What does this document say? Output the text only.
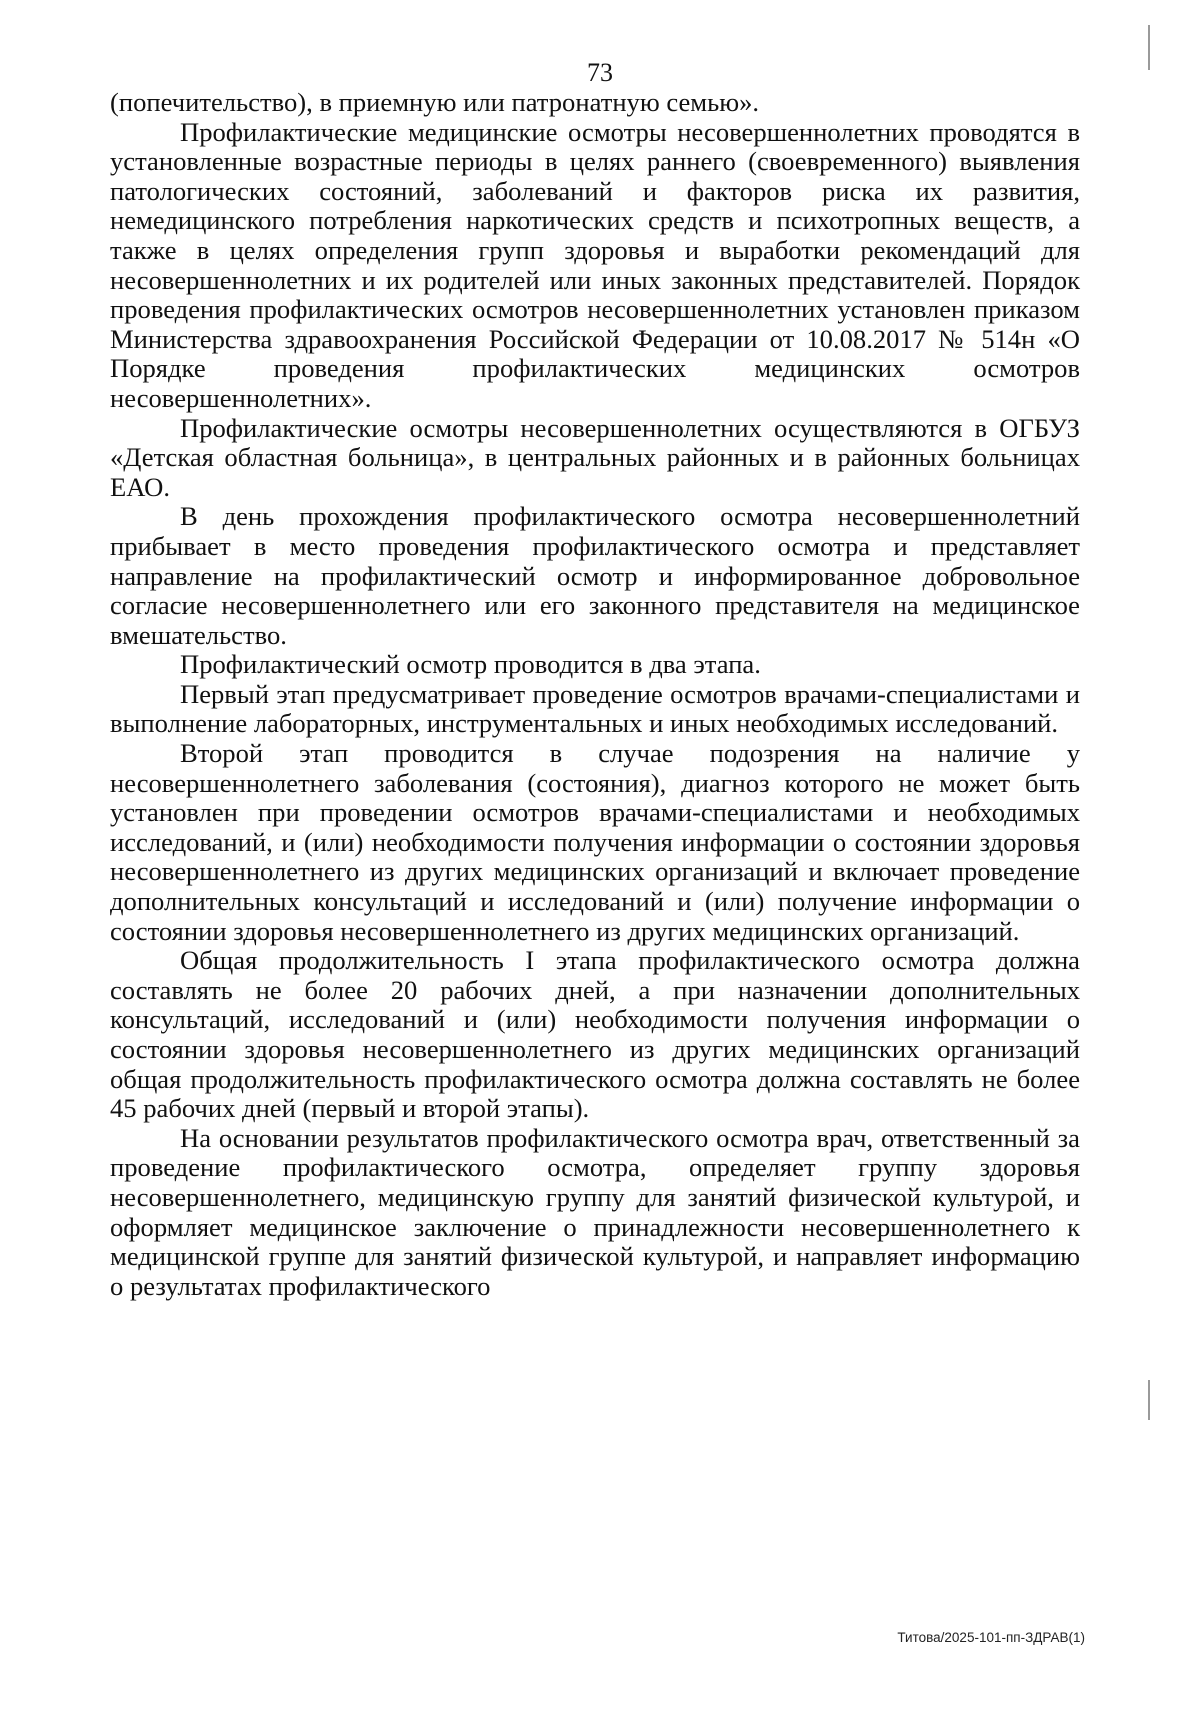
73

(попечительство), в приемную или патронатную семью».

Профилактические медицинские осмотры несовершеннолетних проводятся в установленные возрастные периоды в целях раннего (своевременного) выявления патологических состояний, заболеваний и факторов риска их развития, немедицинского потребления наркотических средств и психотропных веществ, а также в целях определения групп здоровья и выработки рекомендаций для несовершеннолетних и их родителей или иных законных представителей. Порядок проведения профилактических осмотров несовершеннолетних установлен приказом Министерства здравоохранения Российской Федерации от 10.08.2017 № 514н «О Порядке проведения профилактических медицинских осмотров несовершеннолетних».

Профилактические осмотры несовершеннолетних осуществляются в ОГБУЗ «Детская областная больница», в центральных районных и в районных больницах ЕАО.

В день прохождения профилактического осмотра несовершеннолетний прибывает в место проведения профилактического осмотра и представляет направление на профилактический осмотр и информированное добровольное согласие несовершеннолетнего или его законного представителя на медицинское вмешательство.

Профилактический осмотр проводится в два этапа.

Первый этап предусматривает проведение осмотров врачами-специалистами и выполнение лабораторных, инструментальных и иных необходимых исследований.

Второй этап проводится в случае подозрения на наличие у несовершеннолетнего заболевания (состояния), диагноз которого не может быть установлен при проведении осмотров врачами-специалистами и необходимых исследований, и (или) необходимости получения информации о состоянии здоровья несовершеннолетнего из других медицинских организаций и включает проведение дополнительных консультаций и исследований и (или) получение информации о состоянии здоровья несовершеннолетнего из других медицинских организаций.

Общая продолжительность I этапа профилактического осмотра должна составлять не более 20 рабочих дней, а при назначении дополнительных консультаций, исследований и (или) необходимости получения информации о состоянии здоровья несовершеннолетнего из других медицинских организаций общая продолжительность профилактического осмотра должна составлять не более 45 рабочих дней (первый и второй этапы).

На основании результатов профилактического осмотра врач, ответственный за проведение профилактического осмотра, определяет группу здоровья несовершеннолетнего, медицинскую группу для занятий физической культурой, и оформляет медицинское заключение о принадлежности несовершеннолетнего к медицинской группе для занятий физической культурой, и направляет информацию о результатах профилактического

Титова/2025-101-пп-ЗДРАВ(1)
